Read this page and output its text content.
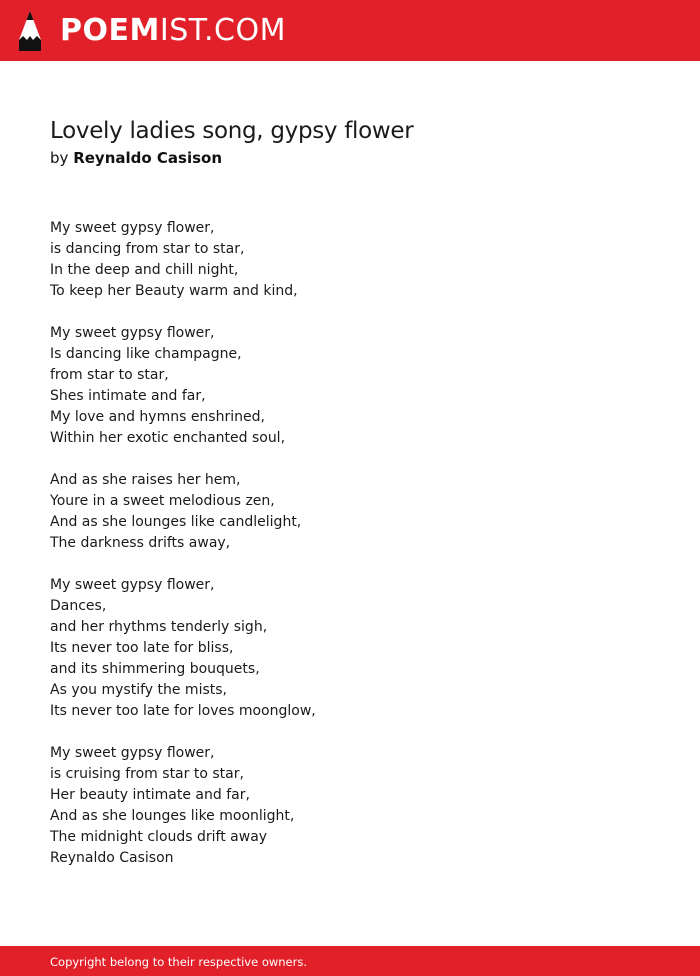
POEMIST.COM
Lovely ladies song, gypsy flower
by Reynaldo Casison
My sweet gypsy flower,
is dancing from star to star,
In the deep and chill night,
To keep her Beauty warm and kind,
My sweet gypsy flower,
Is dancing like champagne,
from star to star,
Shes intimate and far,
My love and hymns enshrined,
Within her exotic enchanted soul,
And as she raises her hem,
Youre in a sweet melodious zen,
And as she lounges like candlelight,
The darkness drifts away,
My sweet gypsy flower,
Dances,
and her rhythms tenderly sigh,
Its never too late for bliss,
and its shimmering bouquets,
As you mystify the mists,
Its never too late for loves moonglow,
My sweet gypsy flower,
is cruising from star to star,
Her beauty intimate and far,
And as she lounges like moonlight,
The midnight clouds drift away
Reynaldo Casison
Copyright belong to their respective owners.
